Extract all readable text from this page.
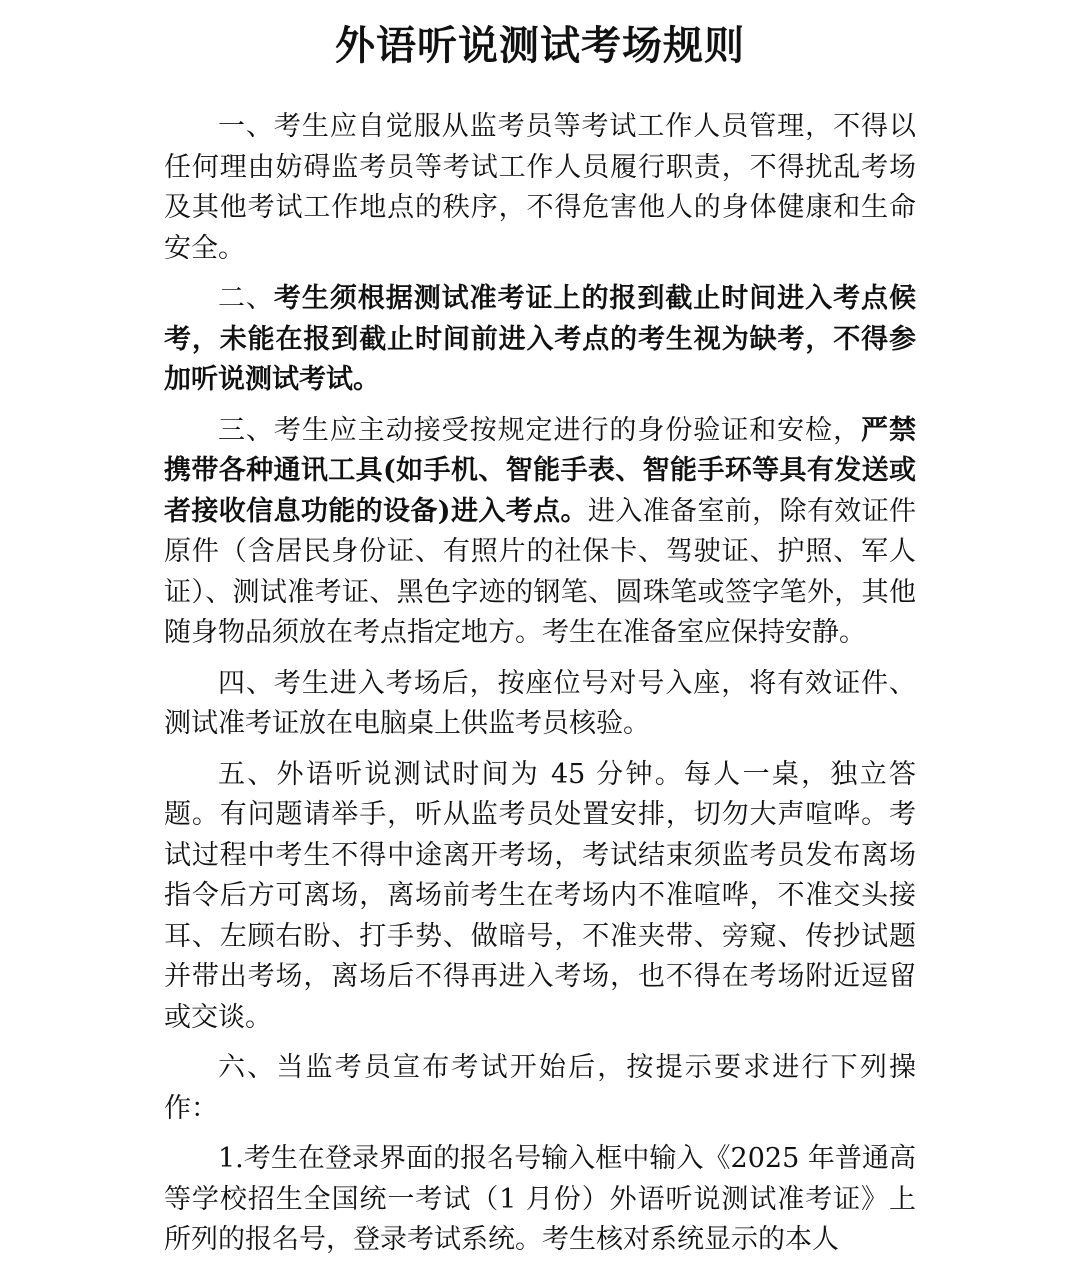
外语听说测试考场规则

一、考生应自觉服从监考员等考试工作人员管理，不得以任何理由妨碍监考员等考试工作人员履行职责，不得扰乱考场及其他考试工作地点的秩序，不得危害他人的身体健康和生命安全。

二、考生须根据测试准考证上的报到截止时间进入考点候考，未能在报到截止时间前进入考点的考生视为缺考，不得参加听说测试考试。

三、考生应主动接受按规定进行的身份验证和安检，严禁携带各种通讯工具(如手机、智能手表、智能手环等具有发送或者接收信息功能的设备)进入考点。进入准备室前，除有效证件原件（含居民身份证、有照片的社保卡、驾驶证、护照、军人证）、测试准考证、黑色字迹的钢笔、圆珠笔或签字笔外，其他随身物品须放在考点指定地方。考生在准备室应保持安静。

四、考生进入考场后，按座位号对号入座，将有效证件、测试准考证放在电脑桌上供监考员核验。

五、外语听说测试时间为 45 分钟。每人一桌，独立答题。有问题请举手，听从监考员处置安排，切勿大声喧哗。考试过程中考生不得中途离开考场，考试结束须监考员发布离场指令后方可离场，离场前考生在考场内不准喧哗，不准交头接耳、左顾右盼、打手势、做暗号，不准夹带、旁窥、传抄试题并带出考场，离场后不得再进入考场，也不得在考场附近逗留或交谈。

六、当监考员宣布考试开始后，按提示要求进行下列操作：

1.考生在登录界面的报名号输入框中输入《2025 年普通高等学校招生全国统一考试（1 月份）外语听说测试准考证》上所列的报名号，登录考试系统。考生核对系统显示的本人
